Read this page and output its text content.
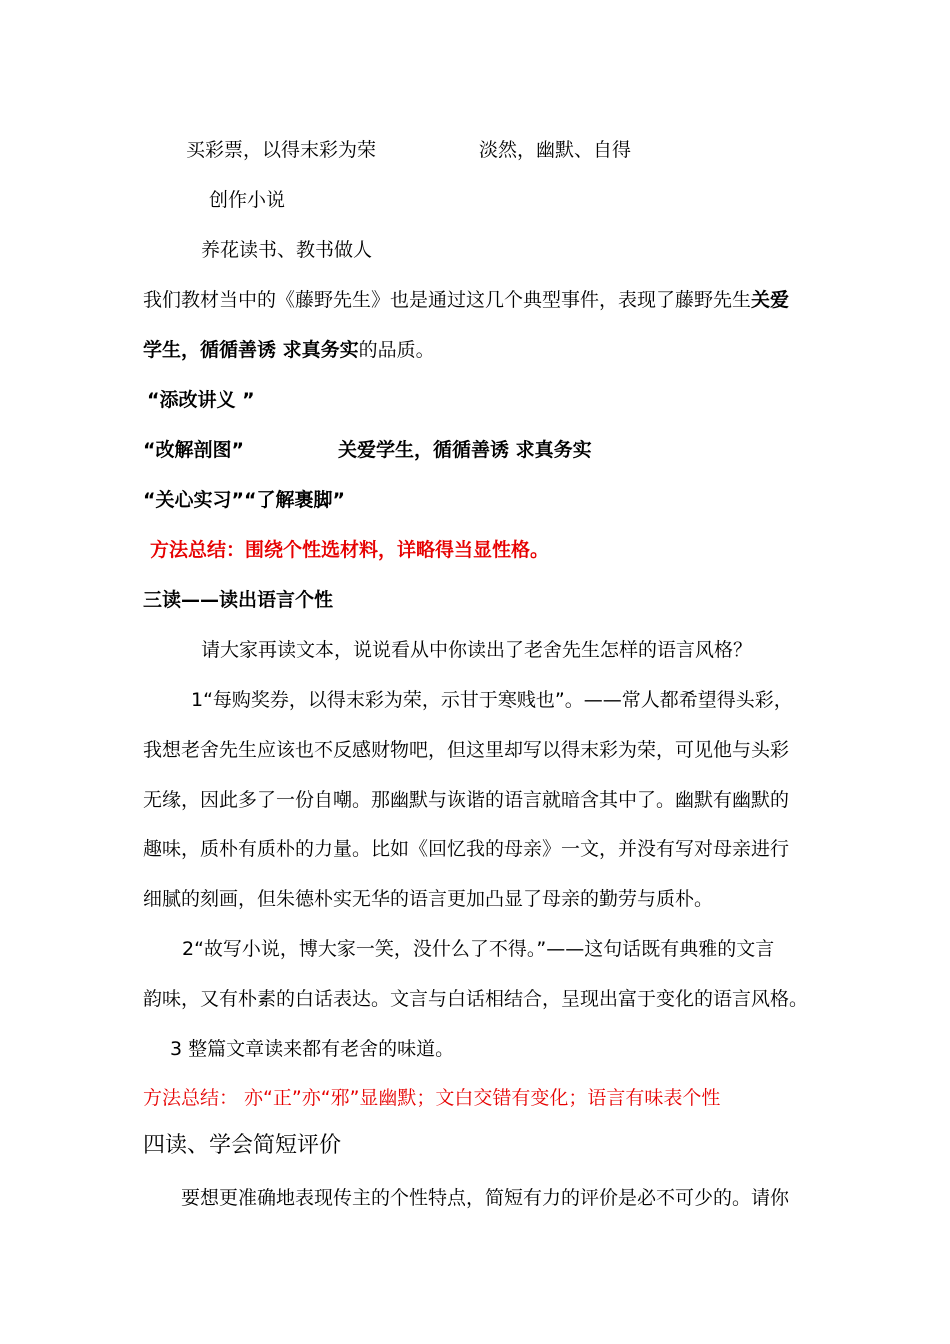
买彩票，以得末彩为荣	淡然，幽默、自得
创作小说
养花读书、教书做人
我们教材当中的《藤野先生》也是通过这几个典型事件，表现了藤野先生关爱
学生，循循善诱 求真务实的品质。
“添改讲义 ”
“改解剖图”	关爱学生，循循善诱 求真务实
“关心实习”“了解裹脚”
方法总结：围绕个性选材料，详略得当显性格。
三读——读出语言个性
请大家再读文本，说说看从中你读出了老舍先生怎样的语言风格？
1“每购奖券，以得末彩为荣，示甘于寒贱也”。——常人都希望得头彩，
我想老舍先生应该也不反感财物吧，但这里却写以得末彩为荣，可见他与头彩
无缘，因此多了一份自嘲。那幽默与诙谐的语言就暗含其中了。幽默有幽默的
趣味，质朴有质朴的力量。比如《回忆我的母亲》一文，并没有写对母亲进行
细腻的刻画，但朱德朴实无华的语言更加凸显了母亲的勤劳与质朴。
2“故写小说，博大家一笑，没什么了不得。”——这句话既有典雅的文言
韵味，又有朴素的白话表达。文言与白话相结合，呈现出富于变化的语言风格。
3 整篇文章读来都有老舍的味道。
方法总结： 亦“正”亦“邪”显幽默；文白交错有变化；语言有味表个性
四读、学会简短评价
要想更准确地表现传主的个性特点，简短有力的评价是必不可少的。请你
